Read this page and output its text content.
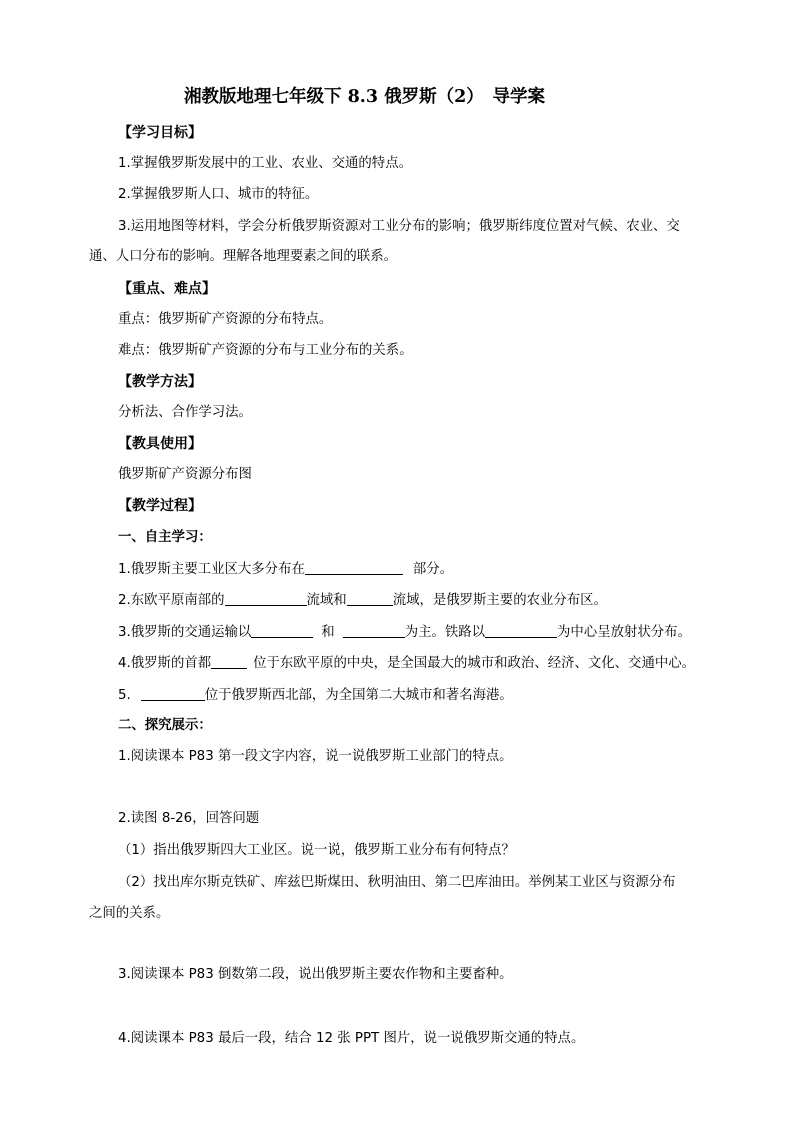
湘教版地理七年级下 8.3 俄罗斯（2）　导学案
【学习目标】
1.掌握俄罗斯发展中的工业、农业、交通的特点。
2.掌握俄罗斯人口、城市的特征。
3.运用地图等材料，学会分析俄罗斯资源对工业分布的影响；俄罗斯纬度位置对气候、农业、交
通、人口分布的影响。理解各地理要素之间的联系。
【重点、难点】
重点：俄罗斯矿产资源的分布特点。
难点：俄罗斯矿产资源的分布与工业分布的关系。
【教学方法】
分析法、合作学习法。
【教具使用】
俄罗斯矿产资源分布图
【教学过程】
一、自主学习：
1.俄罗斯主要工业区大多分布在	部分。
2.东欧平原南部的	流域和	流域，是俄罗斯主要的农业分布区。
3.俄罗斯的交通运输以	和	为主。铁路以	为中心呈放射状分布。
4.俄罗斯的首都	位于东欧平原的中央，是全国最大的城市和政治、经济、文化、交通中心。
5.	位于俄罗斯西北部，为全国第二大城市和著名海港。
二、探究展示：
1.阅读课本 P83 第一段文字内容，说一说俄罗斯工业部门的特点。
2.读图 8-26，回答问题
（1）指出俄罗斯四大工业区。说一说，俄罗斯工业分布有何特点？
（2）找出库尔斯克铁矿、库兹巴斯煤田、秋明油田、第二巴库油田。举例某工业区与资源分布
之间的关系。
3.阅读课本 P83 倒数第二段，说出俄罗斯主要农作物和主要畜种。
4.阅读课本 P83 最后一段，结合 12 张 PPT 图片，说一说俄罗斯交通的特点。
